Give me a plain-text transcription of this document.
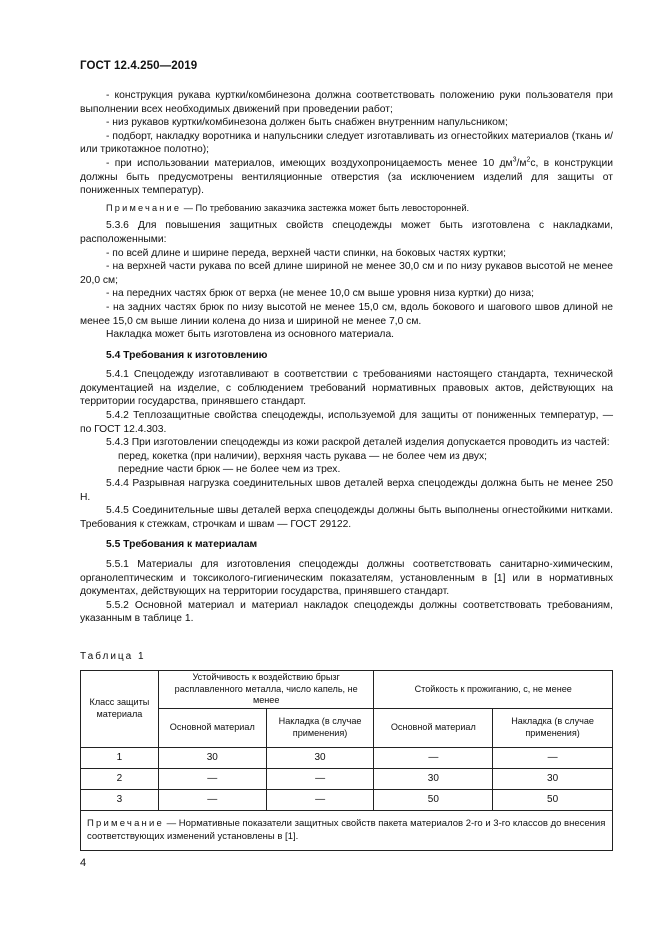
ГОСТ 12.4.250—2019

- конструкция рукава куртки/комбинезона должна соответствовать положению руки пользователя при выполнении всех необходимых движений при проведении работ;

- низ рукавов куртки/комбинезона должен быть снабжен внутренним напульсником;

- подборт, накладку воротника и напульсники следует изготавливать из огнестойких материалов (ткань и/или трикотажное полотно);

- при использовании материалов, имеющих воздухопроницаемость менее 10 $дм^3/м^2с$, в конструкции должны быть предусмотрены вентиляционные отверстия (за исключением изделий для защиты от пониженных температур).

Примечание — По требованию заказчика застежка может быть левосторонней.

5.3.6 Для повышения защитных свойств спецодежды может быть изготовлена с накладками, расположенными:

- по всей длине и ширине переда, верхней части спинки, на боковых частях куртки;

- на верхней части рукава по всей длине шириной не менее 30,0 см и по низу рукавов высотой не менее 20,0 см;

- на передних частях брюк от верха (не менее 10,0 см выше уровня низа куртки) до низа;

- на задних частях брюк по низу высотой не менее 15,0 см, вдоль бокового и шагового швов длиной не менее 15,0 см выше линии колена до низа и шириной не менее 7,0 см.

Накладка может быть изготовлена из основного материала.

5.4 Требования к изготовлению

5.4.1 Спецодежду изготавливают в соответствии с требованиями настоящего стандарта, технической документацией на изделие, с соблюдением требований нормативных правовых актов, действующих на территории государства, принявшего стандарт.

5.4.2 Теплозащитные свойства спецодежды, используемой для защиты от пониженных температур, — по ГОСТ 12.4.303.

5.4.3 При изготовлении спецодежды из кожи раскрой деталей изделия допускается проводить из частей:

перед, кокетка (при наличии), верхняя часть рукава — не более чем из двух;

передние части брюк — не более чем из трех.

5.4.4 Разрывная нагрузка соединительных швов деталей верха спецодежды должна быть не менее 250 Н.

5.4.5 Соединительные швы деталей верха спецодежды должны быть выполнены огнестойкими нитками. Требования к стежкам, строчкам и швам — ГОСТ 29122.

5.5 Требования к материалам

5.5.1 Материалы для изготовления спецодежды должны соответствовать санитарно-химическим, органолептическим и токсиколого-гигиеническим показателям, установленным в [1] или в нормативных документах, действующих на территории государства, принявшего стандарт.

5.5.2 Основной материал и материал накладок спецодежды должны соответствовать требованиям, указанным в таблице 1.

Таблица 1
Класс защиты материала	Устойчивость к воздействию брызг расплавленного металла, число капель, не менее		Стойкость к прожиганию, с, не менее	
	Основной материал	Накладка (в случае применения)	Основной материал	Накладка (в случае применения)
1	30	30	—	—
2	—	—	30	30
3	—	—	50	50
Примечание — Нормативные показатели защитных свойств пакета материалов 2-го и 3-го классов до внесения соответствующих изменений установлены в [1].				
4
